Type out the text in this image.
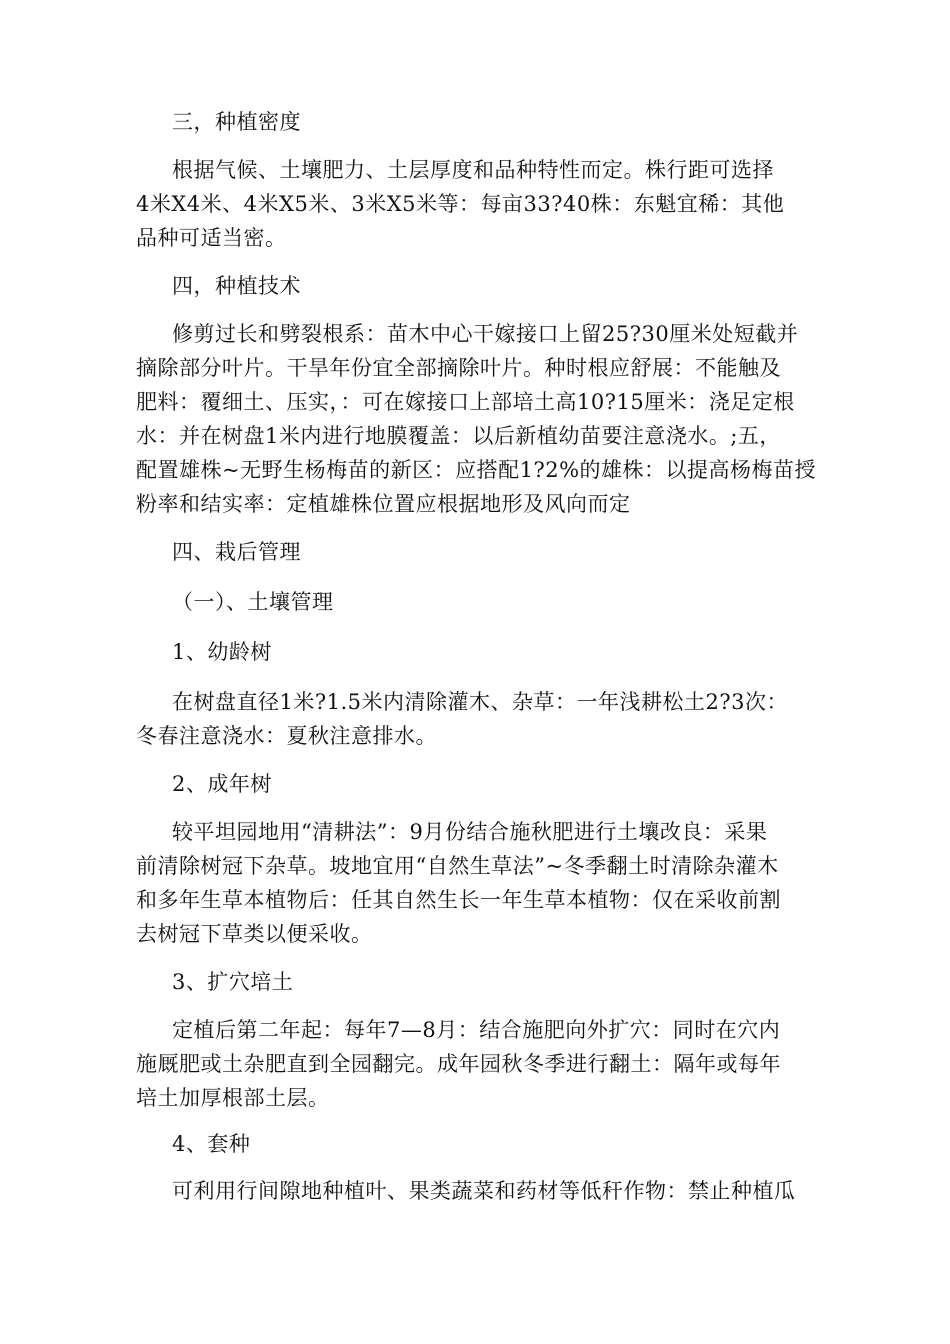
三，种植密度
根据气候、土壤肥力、土层厚度和品种特性而定。株行距可选择
4米X4米、4米X5米、3米X5米等：每亩33?40株：东魁宜稀：其他
品种可适当密。
四，种植技术
修剪过长和劈裂根系：苗木中心干嫁接口上留25?30厘米处短截并
摘除部分叶片。干旱年份宜全部摘除叶片。种时根应舒展：不能触及
肥料：覆细土、压实，：可在嫁接口上部培土高10?15厘米：浇足定根
水：并在树盘1米内进行地膜覆盖：以后新植幼苗要注意浇水。;五，
配置雄株~无野生杨梅苗的新区：应搭配1?2%的雄株：以提高杨梅苗授
粉率和结实率：定植雄株位置应根据地形及风向而定
四、栽后管理
（一）、土壤管理
1、幼龄树
在树盘直径1米?1.5米内清除灌木、杂草：一年浅耕松土2?3次：
冬春注意浇水：夏秋注意排水。
2、成年树
较平坦园地用“清耕法”：9月份结合施秋肥进行土壤改良：采果
前清除树冠下杂草。坡地宜用“自然生草法”~冬季翻土时清除杂灌木
和多年生草本植物后：任其自然生长一年生草本植物：仅在采收前割
去树冠下草类以便采收。
3、扩穴培土
定植后第二年起：每年7—8月：结合施肥向外扩穴：同时在穴内
施厩肥或土杂肥直到全园翻完。成年园秋冬季进行翻土：隔年或每年
培土加厚根部土层。
4、套种
可利用行间隙地种植叶、果类蔬菜和药材等低秆作物：禁止种植瓜
